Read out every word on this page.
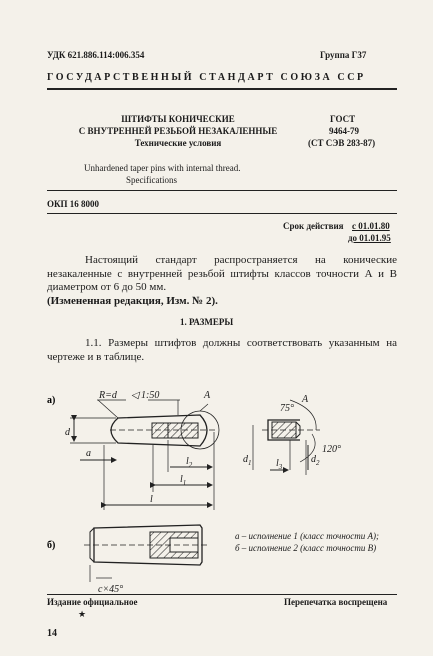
УДК 621.886.114:006.354	Группа Г37
ГОСУДАРСТВЕННЫЙ СТАНДАРТ СОЮЗА ССР
ШТИФТЫ КОНИЧЕСКИЕ
С ВНУТРЕННЕЙ РЕЗЬБОЙ НЕЗАКАЛЕННЫЕ
Технические условия
Unhardened taper pins with internal thread.
Specifications
ГОСТ
9464-79
(СТ СЭВ 283-87)
ОКП 16 8000
Срок действия с 01.01.80
до 01.01.95
Настоящий стандарт распространяется на конические незакаленные с внутренней резьбой штифты классов точности А и В диаметром от 6 до 50 мм.
(Измененная редакция, Изм. № 2).
1. РАЗМЕРЫ
1.1. Размеры штифтов должны соответствовать указанным на чертеже и в таблице.
а)
б)
R=d ◁ 1:50	A
d
a
$l_2$
$l_1$
l
A
75°
120°
$d_1$	$d_2$
$l_3$
c×45°
а – исполнение 1 (класс точности А);
б – исполнение 2 (класс точности В)
Издание официальное
★
Перепечатка воспрещена
14
